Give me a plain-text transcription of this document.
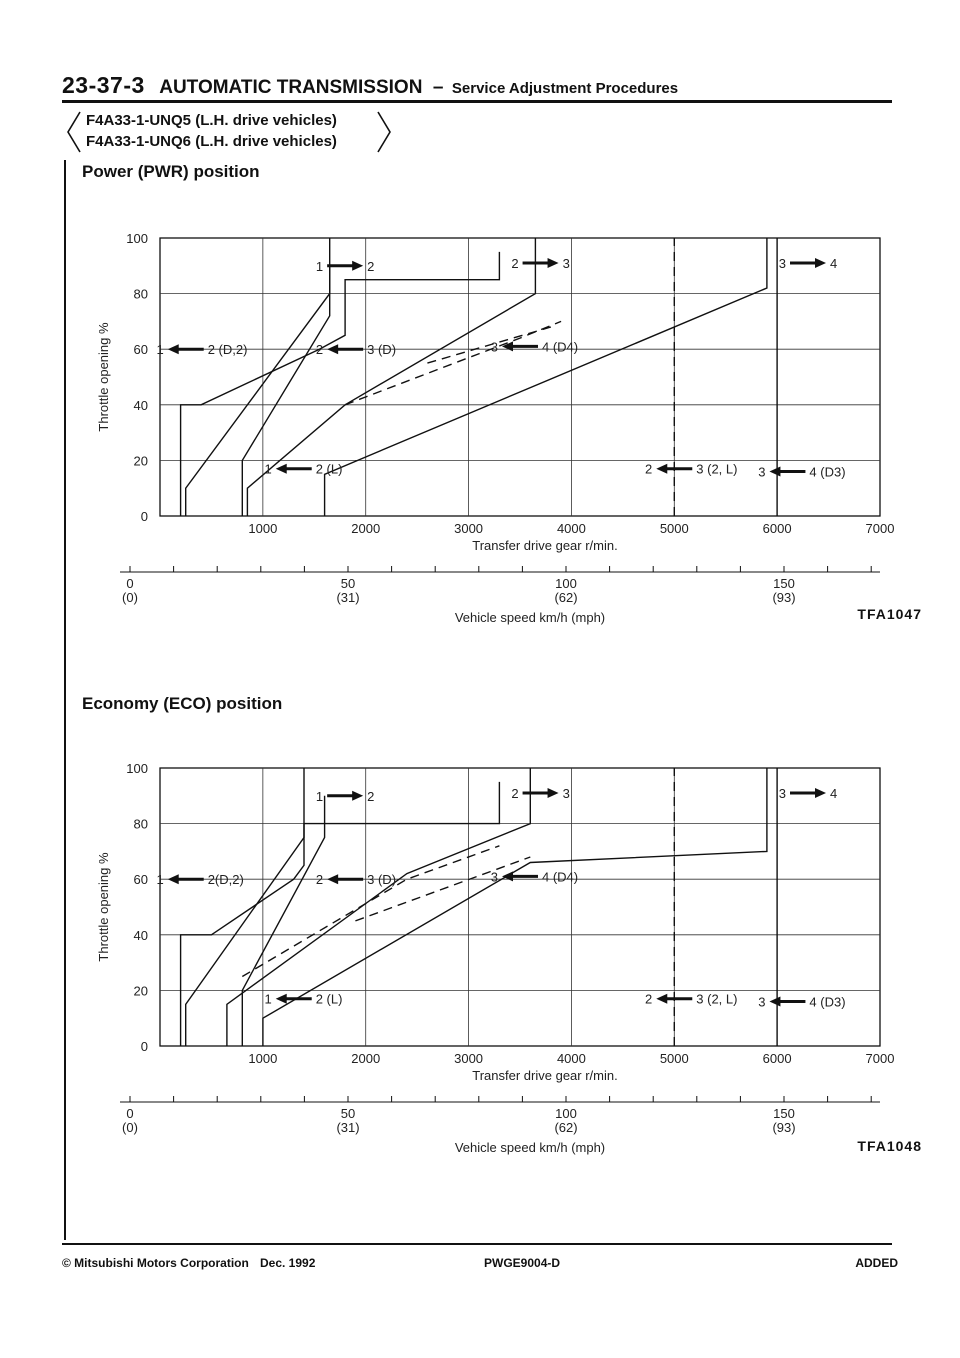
23-37-3 AUTOMATIC TRANSMISSION – Service Adjustment Procedures
F4A33-1-UNQ5 (L.H. drive vehicles)
F4A33-1-UNQ6 (L.H. drive vehicles)
Power (PWR) position
0
20
40
60
80
100
1000	2000	3000	4000	5000	6000	7000
Throttle opening %
Transfer drive gear r/min.
0
(0)
50
(31)
100
(62)
150
(93)
Vehicle speed km/h (mph)
1	2	2	3	3	4
1	2 (D,2)	2	3 (D)	3	4 (D4)
1	2 (L)	2	3 (2, L) 3	4 (D3)
TFA1047
Economy (ECO) position
0
20
40
60
80
100
1000	2000	3000	4000	5000	6000	7000
Throttle opening %
Transfer drive gear r/min.
0
(0)
50
(31)
100
(62)
150
(93)
Vehicle speed km/h (mph)
1	2	2	3	3	4
1	2(D,2)	2	3 (D)	3	4 (D4)
1	2 (L)	2	3 (2, L) 3	4 (D3)
TFA1048
© Mitsubishi Motors Corporation Dec. 1992	PWGE9004-D	ADDED
